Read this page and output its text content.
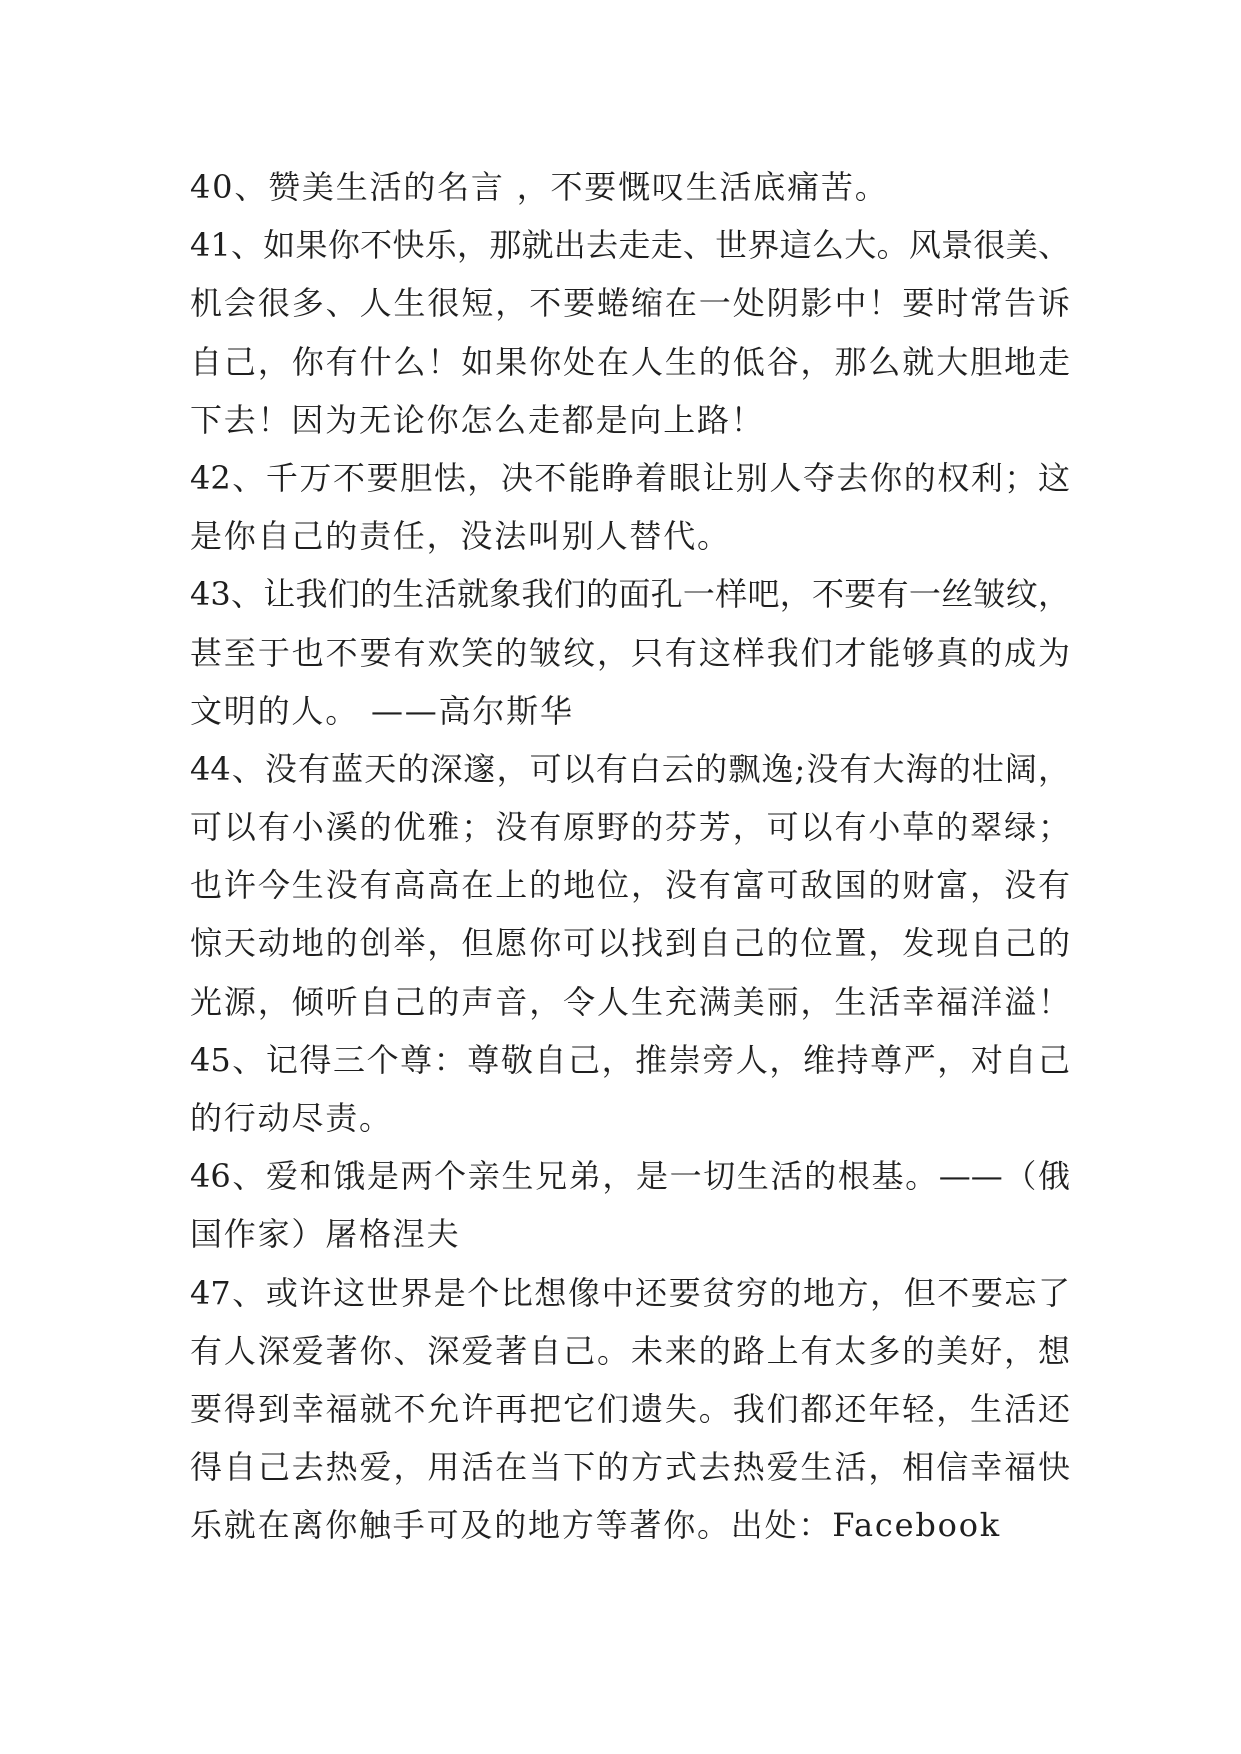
40、赞美生活的名言 ，不要慨叹生活底痛苦。
41、如果你不快乐，那就出去走走、世界這么大。风景很美、
机会很多、人生很短，不要蜷缩在一处阴影中！要时常告诉
自己，你有什么！如果你处在人生的低谷，那么就大胆地走
下去！因为无论你怎么走都是向上路！
42、千万不要胆怯，决不能睁着眼让别人夺去你的权利；这
是你自己的责任，没法叫别人替代。
43、让我们的生活就象我们的面孔一样吧，不要有一丝皱纹，
甚至于也不要有欢笑的皱纹，只有这样我们才能够真的成为
文明的人。 ——高尔斯华
44、没有蓝天的深邃，可以有白云的飘逸;没有大海的壮阔，
可以有小溪的优雅；没有原野的芬芳，可以有小草的翠绿；
也许今生没有高高在上的地位，没有富可敌国的财富，没有
惊天动地的创举，但愿你可以找到自己的位置，发现自己的
光源，倾听自己的声音，令人生充满美丽，生活幸福洋溢！
45、记得三个尊：尊敬自己，推崇旁人，维持尊严，对自己
的行动尽责。
46、爱和饿是两个亲生兄弟，是一切生活的根基。——（俄
国作家）屠格涅夫
47、或许这世界是个比想像中还要贫穷的地方，但不要忘了
有人深爱著你、深爱著自己。未来的路上有太多的美好，想
要得到幸福就不允许再把它们遗失。我们都还年轻，生活还
得自己去热爱，用活在当下的方式去热爱生活，相信幸福快
乐就在离你触手可及的地方等著你。出处：Facebook
